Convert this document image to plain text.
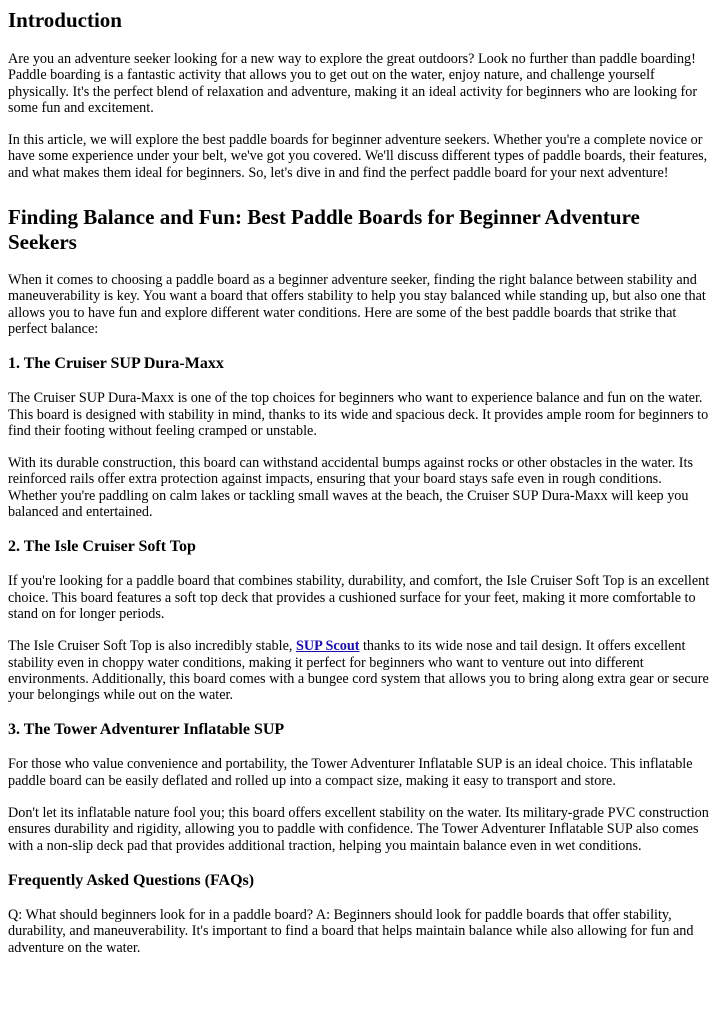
Introduction

Are you an adventure seeker looking for a new way to explore the great outdoors? Look no further than paddle boarding! Paddle boarding is a fantastic activity that allows you to get out on the water, enjoy nature, and challenge yourself physically. It's the perfect blend of relaxation and adventure, making it an ideal activity for beginners who are looking for some fun and excitement.

In this article, we will explore the best paddle boards for beginner adventure seekers. Whether you're a complete novice or have some experience under your belt, we've got you covered. We'll discuss different types of paddle boards, their features, and what makes them ideal for beginners. So, let's dive in and find the perfect paddle board for your next adventure!

Finding Balance and Fun: Best Paddle Boards for Beginner Adventure Seekers

When it comes to choosing a paddle board as a beginner adventure seeker, finding the right balance between stability and maneuverability is key. You want a board that offers stability to help you stay balanced while standing up, but also one that allows you to have fun and explore different water conditions. Here are some of the best paddle boards that strike that perfect balance:

1. The Cruiser SUP Dura-Maxx

The Cruiser SUP Dura-Maxx is one of the top choices for beginners who want to experience balance and fun on the water. This board is designed with stability in mind, thanks to its wide and spacious deck. It provides ample room for beginners to find their footing without feeling cramped or unstable.

With its durable construction, this board can withstand accidental bumps against rocks or other obstacles in the water. Its reinforced rails offer extra protection against impacts, ensuring that your board stays safe even in rough conditions. Whether you're paddling on calm lakes or tackling small waves at the beach, the Cruiser SUP Dura-Maxx will keep you balanced and entertained.

2. The Isle Cruiser Soft Top

If you're looking for a paddle board that combines stability, durability, and comfort, the Isle Cruiser Soft Top is an excellent choice. This board features a soft top deck that provides a cushioned surface for your feet, making it more comfortable to stand on for longer periods.

The Isle Cruiser Soft Top is also incredibly stable, SUP Scout thanks to its wide nose and tail design. It offers excellent stability even in choppy water conditions, making it perfect for beginners who want to venture out into different environments. Additionally, this board comes with a bungee cord system that allows you to bring along extra gear or secure your belongings while out on the water.

3. The Tower Adventurer Inflatable SUP

For those who value convenience and portability, the Tower Adventurer Inflatable SUP is an ideal choice. This inflatable paddle board can be easily deflated and rolled up into a compact size, making it easy to transport and store.

Don't let its inflatable nature fool you; this board offers excellent stability on the water. Its military-grade PVC construction ensures durability and rigidity, allowing you to paddle with confidence. The Tower Adventurer Inflatable SUP also comes with a non-slip deck pad that provides additional traction, helping you maintain balance even in wet conditions.

Frequently Asked Questions (FAQs)

Q: What should beginners look for in a paddle board? A: Beginners should look for paddle boards that offer stability, durability, and maneuverability. It's important to find a board that helps maintain balance while also allowing for fun and adventure on the water.
